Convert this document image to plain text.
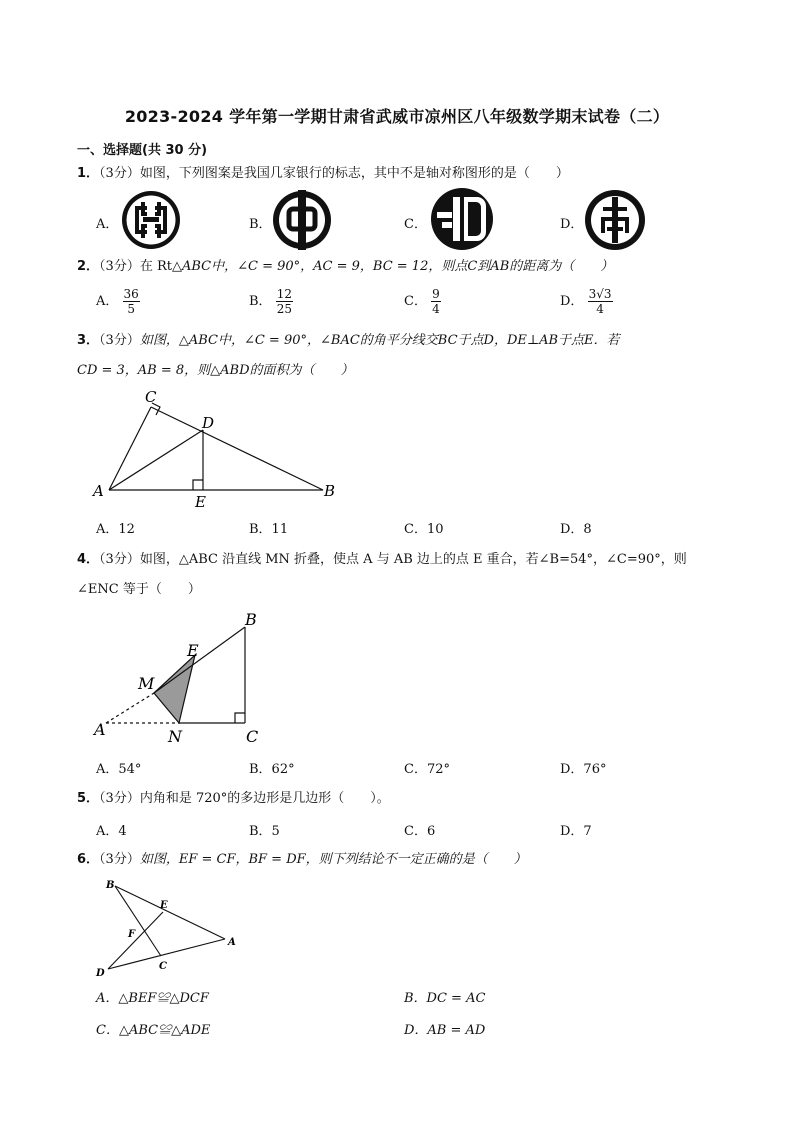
2023-2024 学年第一学期甘肃省武威市凉州区八年级数学期末试卷（二）
一、选择题(共 30 分)
1．（3分）如图，下列图案是我国几家银行的标志，其中不是轴对称图形的是（　　）
A．	B．	C．	D．
2．（3分）在 Rt△ABC中，∠C = 90°，AC = 9，BC = 12，则点C到AB的距离为（　　）
A． $\frac{36}{5}$	B． $\frac{12}{25}$	C． $\frac{9}{4}$	D． $\frac{3√3}{4}$
3．（3分）如图，△ABC中，∠C = 90°，∠BAC的角平分线交BC于点D，DE⊥AB于点E．若
CD = 3，AB = 8，则△ABD的面积为（　　）
A	B
C
D
E
A．12	B．11	C．10	D．8
4．（3分）如图，△ABC 沿直线 MN 折叠，使点 A 与 AB 边上的点 E 重合，若∠B=54°，∠C=90°，则
∠ENC 等于（　　）
A
B
C
E
M
N
A．54°	B．62°	C．72°	D．76°
5．（3分）内角和是 720°的多边形是几边形（　　）。
A．4	B．5	C．6	D．7
6．（3分）如图，EF = CF，BF = DF，则下列结论不一定正确的是（　　）
B
E
F
A
C
D
A．△BEF≌△DCF	B．DC = AC
C．△ABC≌△ADE	D．AB = AD
